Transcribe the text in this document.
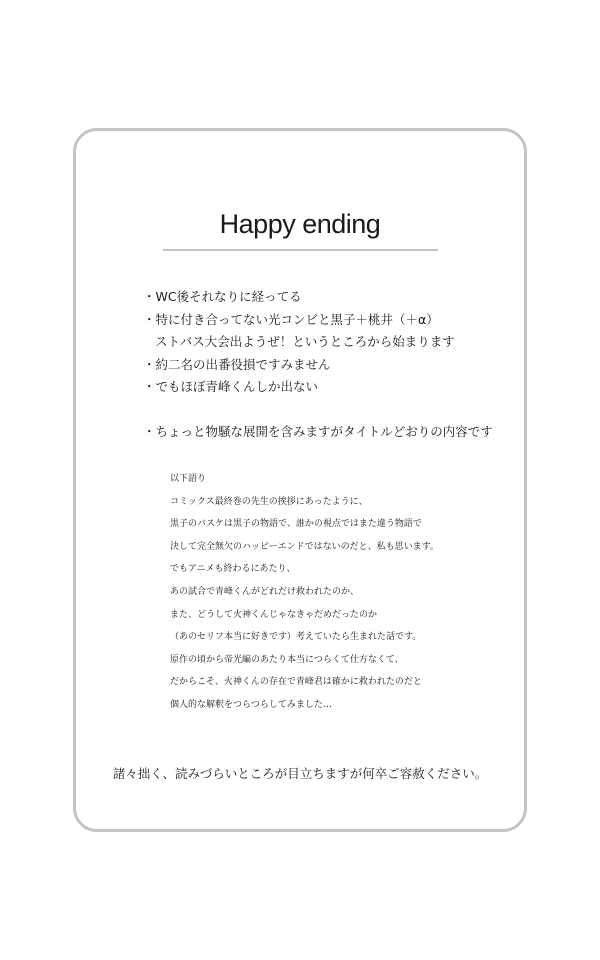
Happy ending
・WC後それなりに経ってる
・特に付き合ってない光コンビと黒子＋桃井（＋α）
ストバス大会出ようぜ！というところから始まります
・約二名の出番役損ですみません
・でもほぼ青峰くんしか出ない
・ちょっと物騒な展開を含みますがタイトルどおりの内容です
以下語り
コミックス最終巻の先生の挨拶にあったように、
黒子のバスケは黒子の物語で、誰かの視点ではまた違う物語で
決して完全無欠のハッピーエンドではないのだと、私も思います。
でもアニメも終わるにあたり、
あの試合で青峰くんがどれだけ救われたのか、
また、どうして火神くんじゃなきゃだめだったのか
（あのセリフ本当に好きです）考えていたら生まれた話です。
原作の頃から帝光編のあたり本当につらくて仕方なくて、
だからこそ、火神くんの存在で青峰君は確かに救われたのだと
個人的な解釈をつらつらしてみました…
諸々拙く、読みづらいところが目立ちますが何卒ご容赦ください。
